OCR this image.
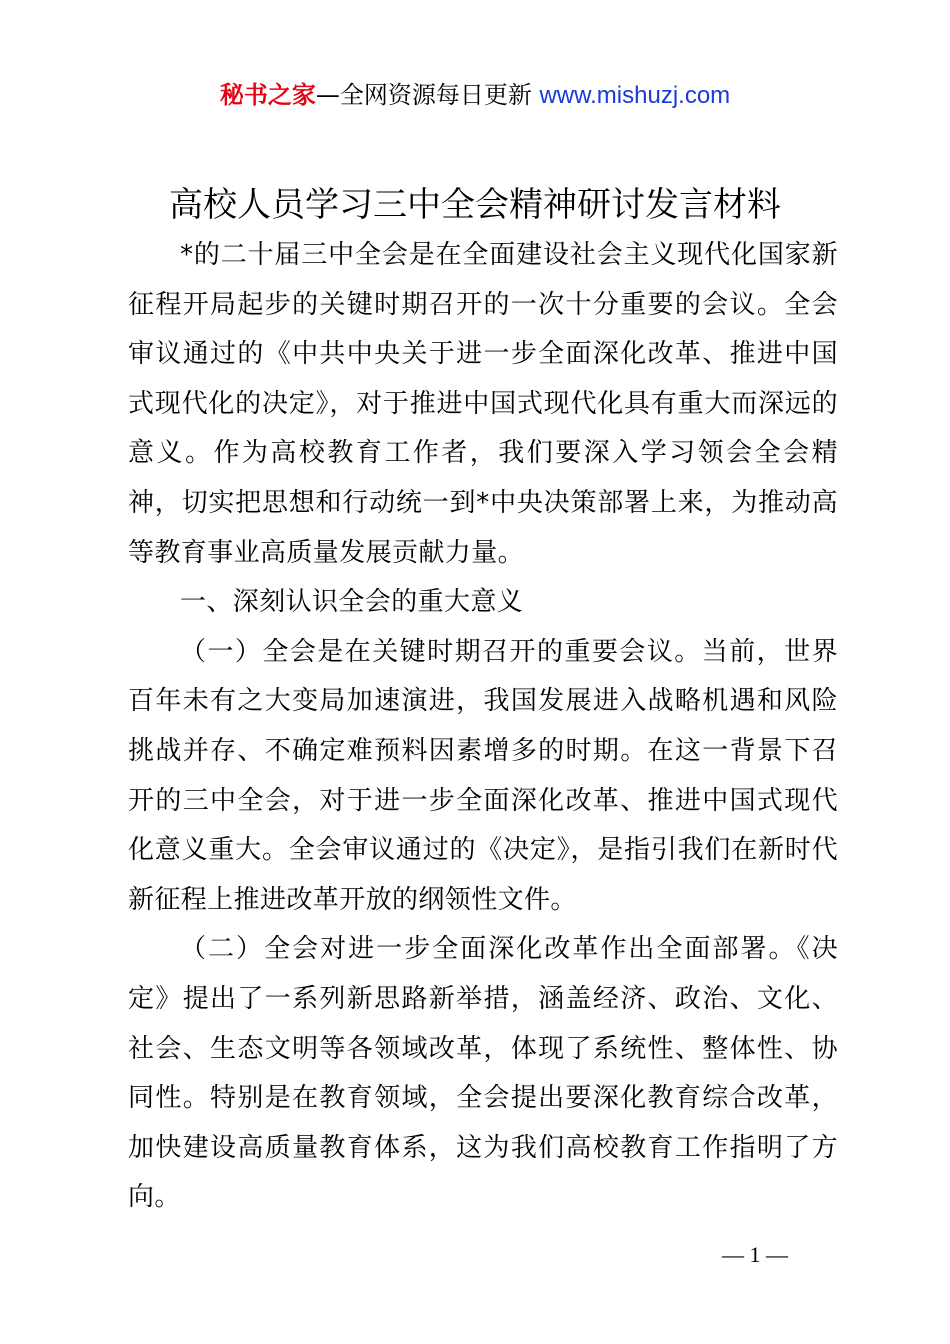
秘书之家—全网资源每日更新 www.mishuzj.com
高校人员学习三中全会精神研讨发言材料

*的二十届三中全会是在全面建设社会主义现代化国家新征程开局起步的关键时期召开的一次十分重要的会议。全会审议通过的《中共中央关于进一步全面深化改革、推进中国式现代化的决定》，对于推进中国式现代化具有重大而深远的意义。作为高校教育工作者，我们要深入学习领会全会精神，切实把思想和行动统一到*中央决策部署上来，为推动高等教育事业高质量发展贡献力量。

一、深刻认识全会的重大意义

（一）全会是在关键时期召开的重要会议。当前，世界百年未有之大变局加速演进，我国发展进入战略机遇和风险挑战并存、不确定难预料因素增多的时期。在这一背景下召开的三中全会，对于进一步全面深化改革、推进中国式现代化意义重大。全会审议通过的《决定》，是指引我们在新时代新征程上推进改革开放的纲领性文件。

（二）全会对进一步全面深化改革作出全面部署。《决定》提出了一系列新思路新举措，涵盖经济、政治、文化、社会、生态文明等各领域改革，体现了系统性、整体性、协同性。特别是在教育领域，全会提出要深化教育综合改革，加快建设高质量教育体系，这为我们高校教育工作指明了方向。

— 1 —
